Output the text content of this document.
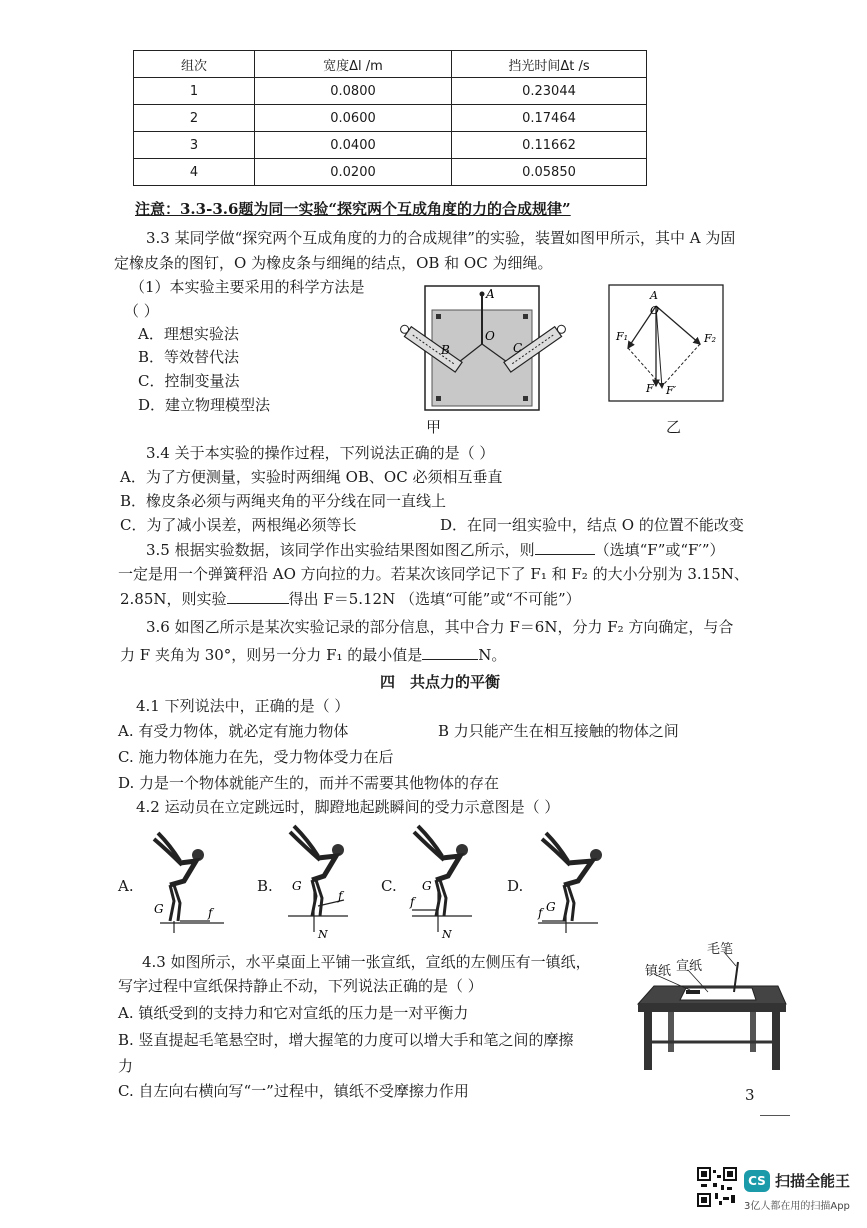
组次	宽度Δl /m	挡光时间Δt /s
1	0.0800	0.23044
2	0.0600	0.17464
3	0.0400	0.11662
4	0.0200	0.05850
注意：3.3-3.6题为同一实验“探究两个互成角度的力的合成规律”
3.3 某同学做“探究两个互成角度的力的合成规律”的实验，装置如图甲所示，其中 A 为固
定橡皮条的图钉，O 为橡皮条与细绳的结点，OB 和 OC 为细绳。
（1）本实验主要采用的科学方法是
（ ）
A．理想实验法
B．等效替代法
C．控制变量法
D．建立物理模型法
A
O
B	C
甲
A
O
F₁	F₂
F F′
乙
3.4 关于本实验的操作过程，下列说法正确的是（ ）
A．为了方便测量，实验时两细绳 OB、OC 必须相互垂直
B．橡皮条必须与两绳夹角的平分线在同一直线上
C．为了减小误差，两根绳必须等长	D．在同一组实验中，结点 O 的位置不能改变
3.5 根据实验数据，该同学作出实验结果图如图乙所示，则	（选填“F”或“F′”）
一定是用一个弹簧秤沿 AO 方向拉的力。若某次该同学记下了 F₁ 和 F₂ 的大小分别为 3.15N、
2.85N，则实验	得出 F＝5.12N （选填“可能”或“不可能”）
3.6 如图乙所示是某次实验记录的部分信息，其中合力 F＝6N，分力 F₂ 方向确定，与合
力 F 夹角为 30°，则另一分力 F₁ 的最小值是	N。
四　共点力的平衡
4.1 下列说法中，正确的是（ ）
A. 有受力物体，就必定有施力物体	B 力只能产生在相互接触的物体之间
C. 施力物体施力在先，受力物体受力在后
D. 力是一个物体就能产生的，而并不需要其他物体的存在
4.2 运动员在立定跳远时，脚蹬地起跳瞬间的受力示意图是（ ）
A.	B.	C.	D.
G	f
G
f
N
G
f
N
G
f
4.3 如图所示，水平桌面上平铺一张宣纸，宣纸的左侧压有一镇纸，
写字过程中宣纸保持静止不动，下列说法正确的是（ ）
A. 镇纸受到的支持力和它对宣纸的压力是一对平衡力
B. 竖直提起毛笔悬空时，增大握笔的力度可以增大手和笔之间的摩擦
力
C. 自左向右横向写“一”过程中，镇纸不受摩擦力作用
镇纸 宣纸
毛笔
3
CS 扫描全能王
3亿人都在用的扫描App
